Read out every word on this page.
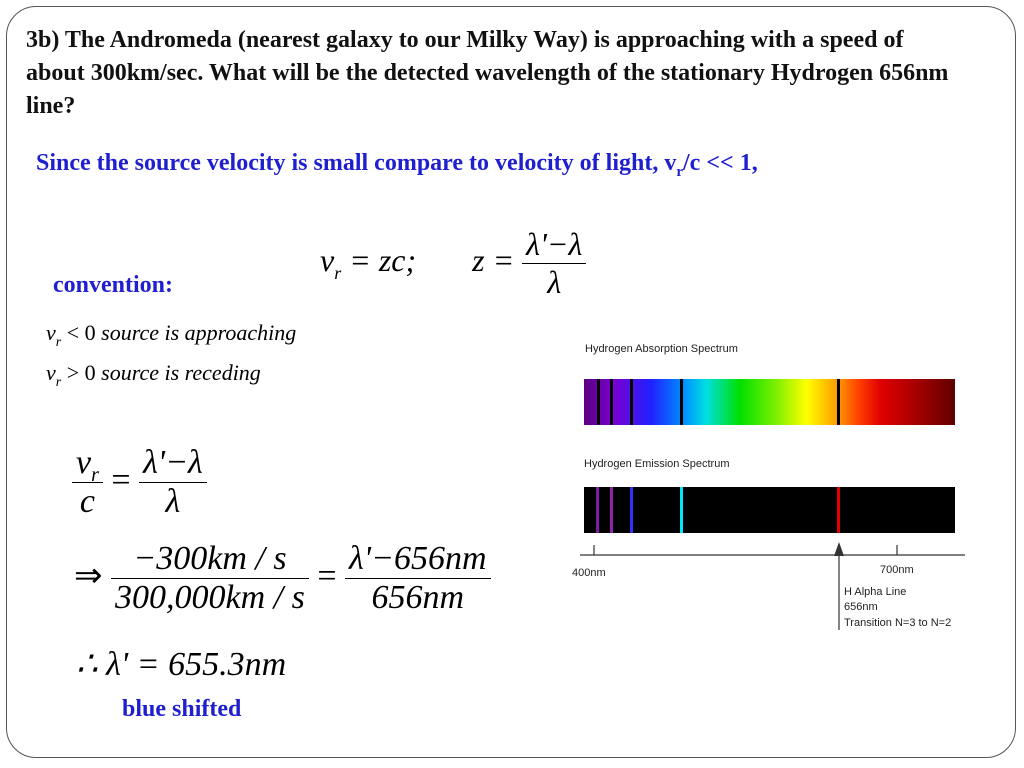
3b) The Andromeda (nearest galaxy to our Milky Way) is approaching with a speed of about 300km/sec. What will be the detected wavelength of the stationary Hydrogen 656nm line?
Since the source velocity is small compare to velocity of light, $v_r/c << 1$,
$v_r$ = zc; $z = \frac{\lambda'-\lambda}{\lambda}$
convention:
$v_r < 0$ source is approaching
$v_r > 0$ source is receding
$\frac{v_r}{c} = \frac{\lambda'-\lambda}{\lambda}$
⇒ $\frac{-300km / s}{300,000km / s} = \frac{\lambda'-656nm}{656nm}$
∴ λ' = 655.3nm
blue shifted
Hydrogen Absorption Spectrum
Hydrogen Emission Spectrum
400nm	700nm
H Alpha Line
656nm
Transition N=3 to N=2
